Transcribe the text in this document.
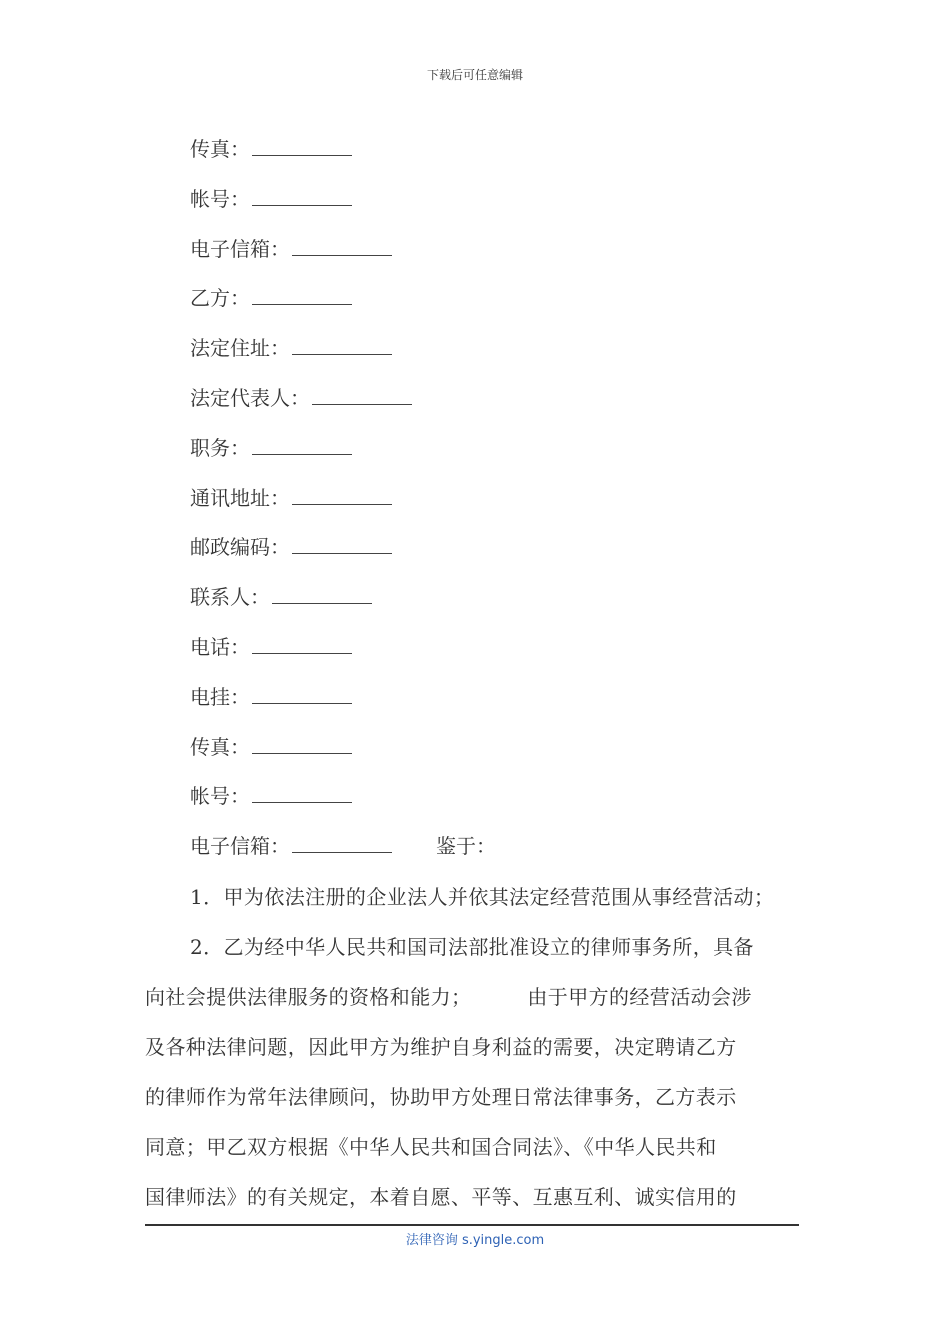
下载后可任意编辑
传真：
帐号：
电子信箱：
乙方：
法定住址：
法定代表人：
职务：
通讯地址：
邮政编码：
联系人：
电话：
电挂：
传真：
帐号：
电子信箱：	鉴于：
1．甲为依法注册的企业法人并依其法定经营范围从事经营活动；
2．乙为经中华人民共和国司法部批准设立的律师事务所，具备
向社会提供法律服务的资格和能力；	由于甲方的经营活动会涉
及各种法律问题，因此甲方为维护自身利益的需要，决定聘请乙方
的律师作为常年法律顾问，协助甲方处理日常法律事务，乙方表示
同意；甲乙双方根据《中华人民共和国合同法》、《中华人民共和
国律师法》的有关规定，本着自愿、平等、互惠互利、诚实信用的
法律咨询 s.yingle.com
